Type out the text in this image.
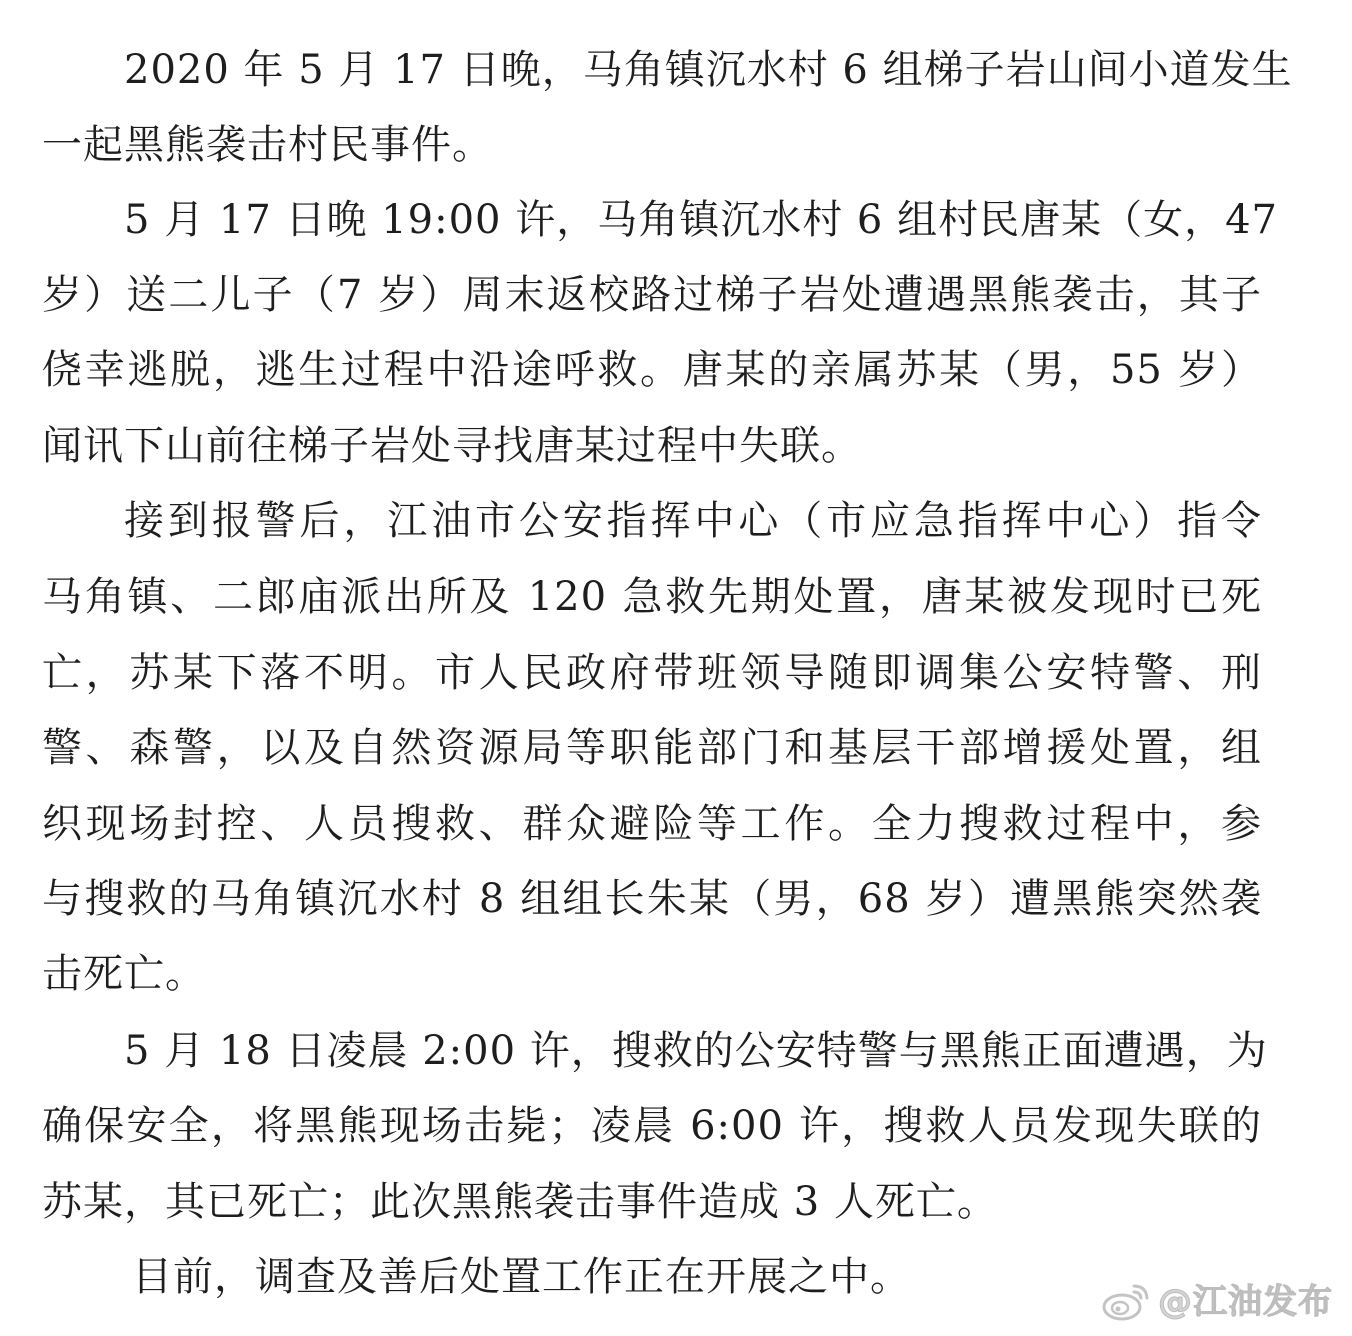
2020 年 5 月 17 日晚，马角镇沉水村 6 组梯子岩山间小道发生
一起黑熊袭击村民事件。
5 月 17 日晚 19:00 许，马角镇沉水村 6 组村民唐某（女，47
岁）送二儿子（7 岁）周末返校路过梯子岩处遭遇黑熊袭击，其子
侥幸逃脱，逃生过程中沿途呼救。唐某的亲属苏某（男，55 岁）
闻讯下山前往梯子岩处寻找唐某过程中失联。
接到报警后，江油市公安指挥中心（市应急指挥中心）指令
马角镇、二郎庙派出所及 120 急救先期处置，唐某被发现时已死
亡，苏某下落不明。市人民政府带班领导随即调集公安特警、刑
警、森警，以及自然资源局等职能部门和基层干部增援处置，组
织现场封控、人员搜救、群众避险等工作。全力搜救过程中，参
与搜救的马角镇沉水村 8 组组长朱某（男，68 岁）遭黑熊突然袭
击死亡。
5 月 18 日凌晨 2:00 许，搜救的公安特警与黑熊正面遭遇，为
确保安全，将黑熊现场击毙；凌晨 6:00 许，搜救人员发现失联的
苏某，其已死亡；此次黑熊袭击事件造成 3 人死亡。
目前，调查及善后处置工作正在开展之中。
@江油发布
